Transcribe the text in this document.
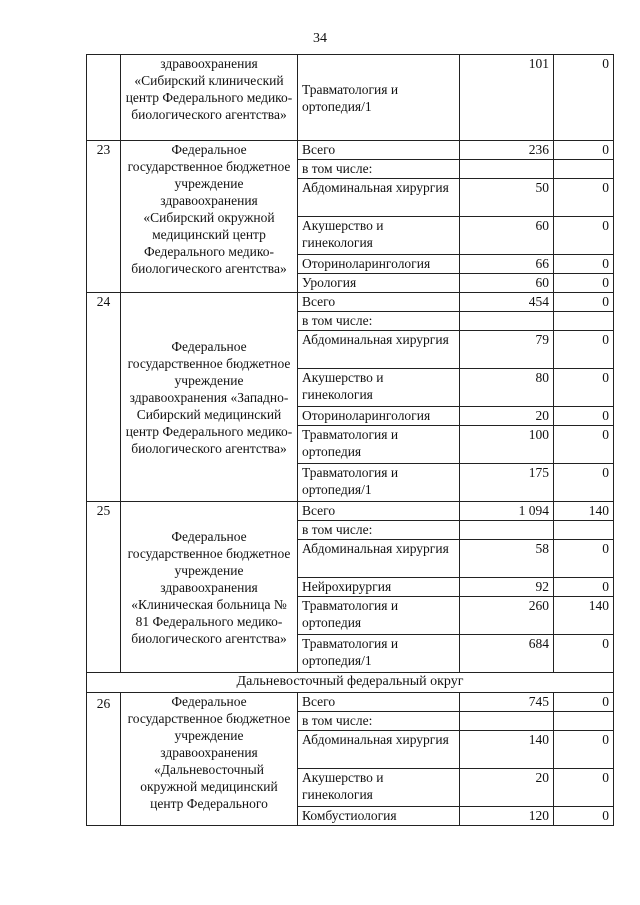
34
	здравоохранения «Сибирский клинический центр Федерального медико-биологического агентства»	Травматология и ортопедия/1	101	0
23	Федеральное государственное бюджетное учреждение здравоохранения «Сибирский окружной медицинский центр Федерального медико-биологического агентства»	Всего	236	0
		в том числе:		
		Абдоминальная хирургия	50	0
		Акушерство и гинекология	60	0
		Оториноларингология	66	0
		Урология	60	0
24	Федеральное государственное бюджетное учреждение здравоохранения «Западно-Сибирский медицинский центр Федерального медико-биологического агентства»	Всего	454	0
		в том числе:		
		Абдоминальная хирургия	79	0
		Акушерство и гинекология	80	0
		Оториноларингология	20	0
		Травматология и ортопедия	100	0
		Травматология и ортопедия/1	175	0
25	Федеральное государственное бюджетное учреждение здравоохранения «Клиническая больница № 81 Федерального медико-биологического агентства»	Всего	1 094	140
		в том числе:		
		Абдоминальная хирургия	58	0
		Нейрохирургия	92	0
		Травматология и ортопедия	260	140
		Травматология и ортопедия/1	684	0
Дальневосточный федеральный округ				
26	Федеральное государственное бюджетное учреждение здравоохранения «Дальневосточный окружной медицинский центр Федерального	Всего	745	0
		в том числе:		
		Абдоминальная хирургия	140	0
		Акушерство и гинекология	20	0
		Комбустиология	120	0
